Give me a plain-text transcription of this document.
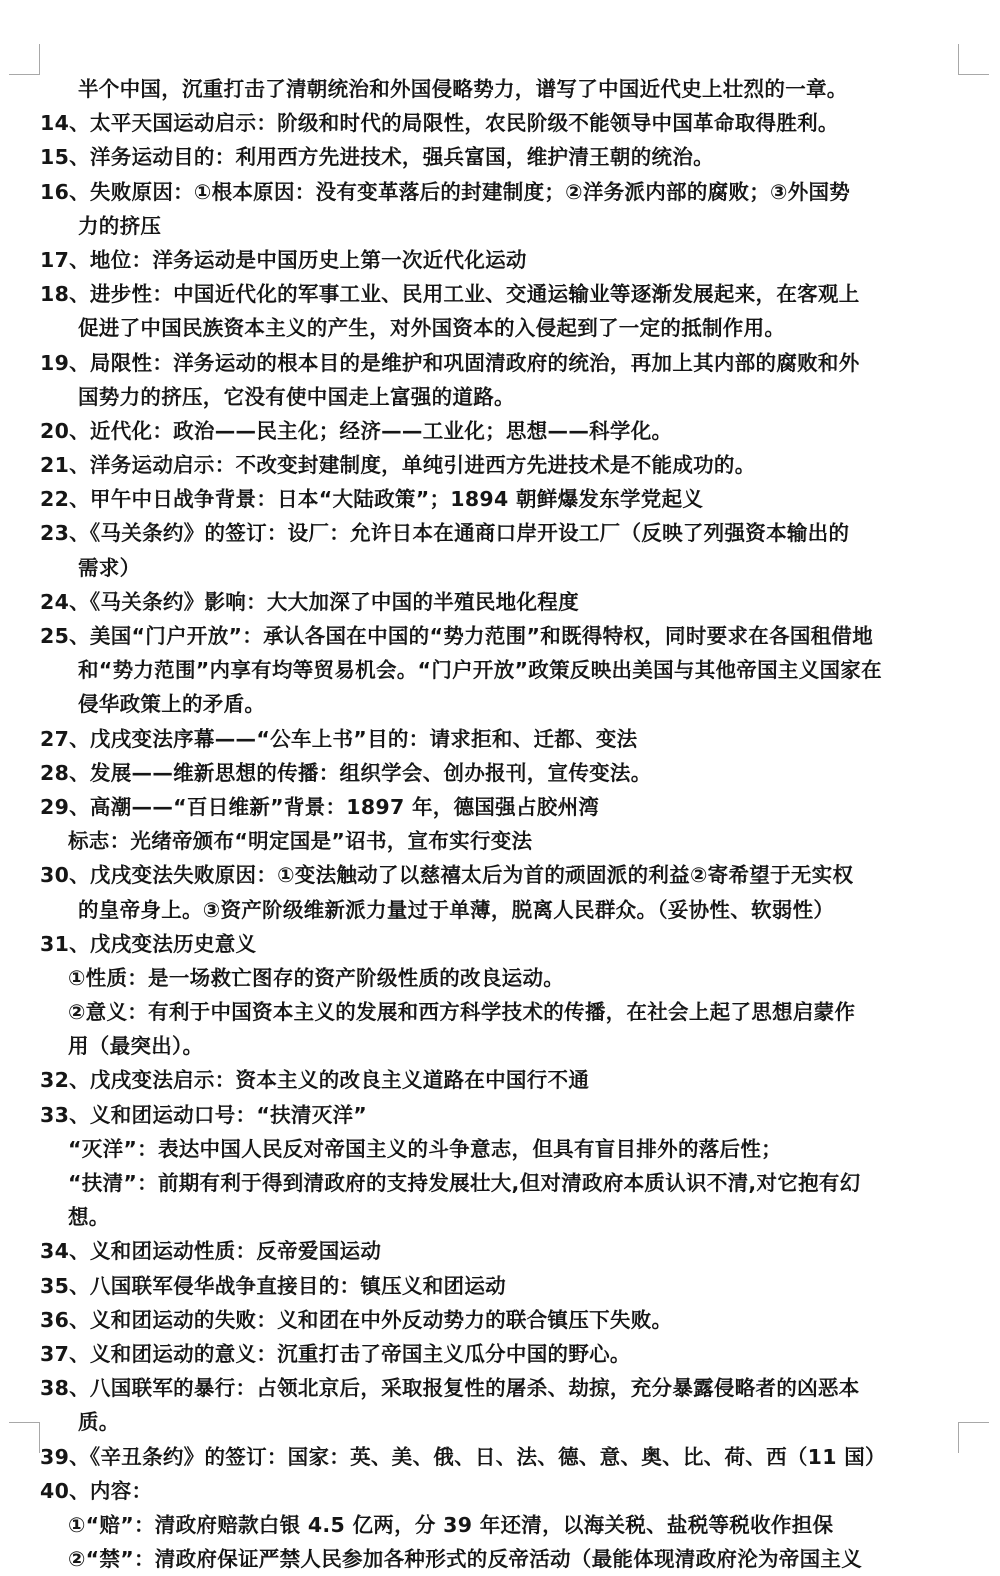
半个中国，沉重打击了清朝统治和外国侵略势力，谱写了中国近代史上壮烈的一章。
14、太平天国运动启示：阶级和时代的局限性，农民阶级不能领导中国革命取得胜利。
15、洋务运动目的：利用西方先进技术，强兵富国，维护清王朝的统治。
16、失败原因：①根本原因：没有变革落后的封建制度；②洋务派内部的腐败；③外国势
力的挤压
17、地位：洋务运动是中国历史上第一次近代化运动
18、进步性：中国近代化的军事工业、民用工业、交通运输业等逐渐发展起来，在客观上
促进了中国民族资本主义的产生，对外国资本的入侵起到了一定的抵制作用。
19、局限性：洋务运动的根本目的是维护和巩固清政府的统治，再加上其内部的腐败和外
国势力的挤压，它没有使中国走上富强的道路。
20、近代化：政治——民主化；经济——工业化；思想——科学化。
21、洋务运动启示：不改变封建制度，单纯引进西方先进技术是不能成功的。
22、甲午中日战争背景：日本“大陆政策”；1894 朝鲜爆发东学党起义
23、《马关条约》的签订：设厂：允许日本在通商口岸开设工厂（反映了列强资本输出的
需求）
24、《马关条约》影响：大大加深了中国的半殖民地化程度
25、美国“门户开放”：承认各国在中国的“势力范围”和既得特权，同时要求在各国租借地
和“势力范围”内享有均等贸易机会。“门户开放”政策反映出美国与其他帝国主义国家在
侵华政策上的矛盾。
27、戊戌变法序幕——“公车上书”目的：请求拒和、迁都、变法
28、发展——维新思想的传播：组织学会、创办报刊，宣传变法。
29、高潮——“百日维新”背景：1897 年，德国强占胶州湾
标志：光绪帝颁布“明定国是”诏书，宣布实行变法
30、戊戌变法失败原因：①变法触动了以慈禧太后为首的顽固派的利益②寄希望于无实权
的皇帝身上。③资产阶级维新派力量过于单薄，脱离人民群众。（妥协性、软弱性）
31、戊戌变法历史意义
①性质：是一场救亡图存的资产阶级性质的改良运动。
②意义：有利于中国资本主义的发展和西方科学技术的传播，在社会上起了思想启蒙作
用（最突出）。
32、戊戌变法启示：资本主义的改良主义道路在中国行不通
33、义和团运动口号：“扶清灭洋”
“灭洋”：表达中国人民反对帝国主义的斗争意志，但具有盲目排外的落后性；
“扶清”：前期有利于得到清政府的支持发展壮大,但对清政府本质认识不清,对它抱有幻
想。
34、义和团运动性质：反帝爱国运动
35、八国联军侵华战争直接目的：镇压义和团运动
36、义和团运动的失败：义和团在中外反动势力的联合镇压下失败。
37、义和团运动的意义：沉重打击了帝国主义瓜分中国的野心。
38、八国联军的暴行：占领北京后，采取报复性的屠杀、劫掠，充分暴露侵略者的凶恶本
质。
39、《辛丑条约》的签订：国家：英、美、俄、日、法、德、意、奥、比、荷、西（11 国）
40、内容：
①“赔”：清政府赔款白银 4.5 亿两，分 39 年还清，以海关税、盐税等税收作担保
②“禁”：清政府保证严禁人民参加各种形式的反帝活动（最能体现清政府沦为帝国主义
